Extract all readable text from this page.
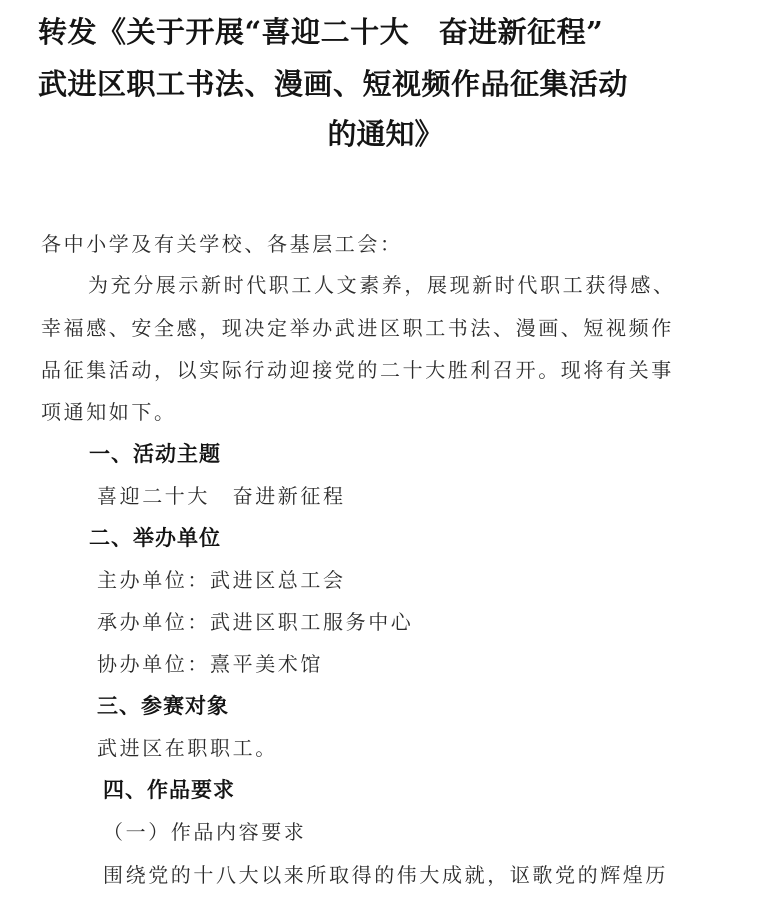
转发《关于开展“喜迎二十大　奋进新征程”
武进区职工书法、漫画、短视频作品征集活动
的通知》
各中小学及有关学校、各基层工会：
为充分展示新时代职工人文素养，展现新时代职工获得感、
幸福感、安全感，现决定举办武进区职工书法、漫画、短视频作
品征集活动，以实际行动迎接党的二十大胜利召开。现将有关事
项通知如下。
一、活动主题
喜迎二十大　奋进新征程
二、举办单位
主办单位：武进区总工会
承办单位：武进区职工服务中心
协办单位：熹平美术馆
三、参赛对象
武进区在职职工。
四、作品要求
（一）作品内容要求
围绕党的十八大以来所取得的伟大成就，讴歌党的辉煌历
